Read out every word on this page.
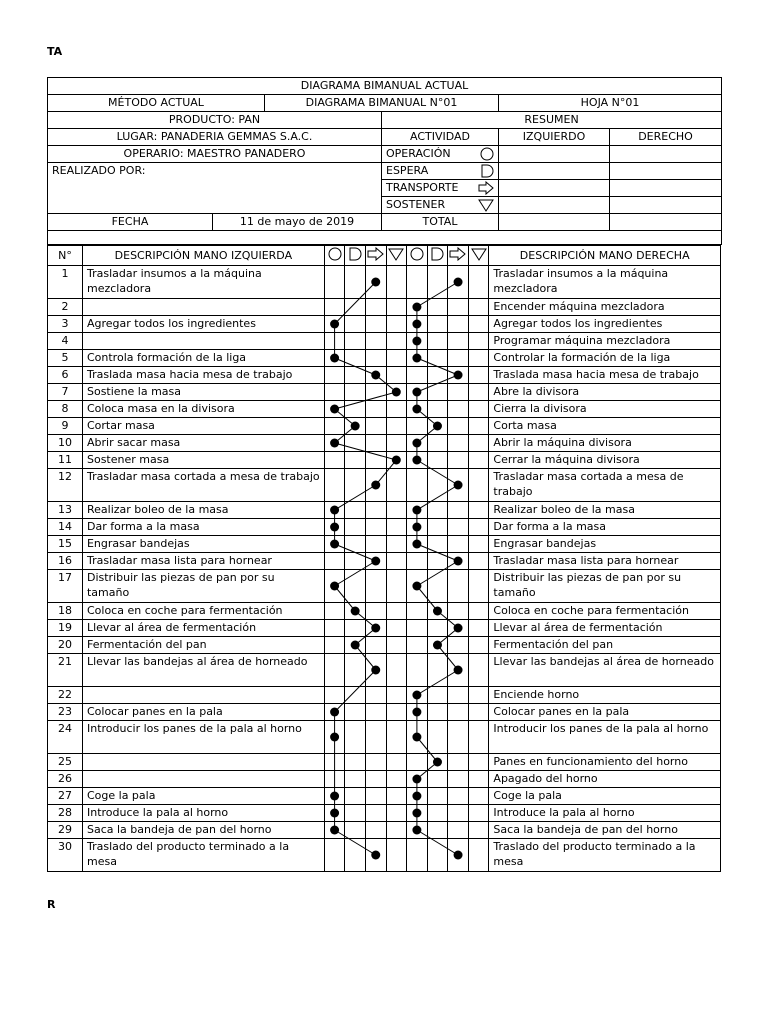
TA
R
DIAGRAMA BIMANUAL ACTUAL					
MÉTODO ACTUAL		DIAGRAMA BIMANUAL N°01		HOJA N°01	
PRODUCTO: PAN			RESUMEN		
LUGAR: PANADERIA GEMMAS S.A.C.			ACTIVIDAD	IZQUIERDO	DERECHO
OPERARIO: MAESTRO PANADERO			OPERACIÓN

REALIZADO POR:			ESPERA

			TRANSPORTE

			SOSTENER

FECHA	11 de mayo de 2019		TOTAL		

N°	DESCRIPCIÓN MANO IZQUIERDA									DESCRIPCIÓN MANO DERECHA
1	Trasladar insumos a la máquina mezcladora									Trasladar insumos a la máquina mezcladora
2										Encender máquina mezcladora
3	Agregar todos los ingredientes									Agregar todos los ingredientes
4										Programar máquina mezcladora
5	Controla formación de la liga									Controlar la formación de la liga
6	Traslada masa hacia mesa de trabajo									Traslada masa hacia mesa de trabajo
7	Sostiene la masa									Abre la divisora
8	Coloca masa en la divisora									Cierra la divisora
9	Cortar masa									Corta masa
10	Abrir sacar masa									Abrir la máquina divisora
11	Sostener masa									Cerrar la máquina divisora
12	Trasladar masa cortada a mesa de trabajo									Trasladar masa cortada a mesa de trabajo
13	Realizar boleo de la masa									Realizar boleo de la masa
14	Dar forma a la masa									Dar forma a la masa
15	Engrasar bandejas									Engrasar bandejas
16	Trasladar masa lista para hornear									Trasladar masa lista para hornear
17	Distribuir las piezas de pan por su tamaño									Distribuir las piezas de pan por su tamaño
18	Coloca en coche para fermentación									Coloca en coche para fermentación
19	Llevar al área de fermentación									Llevar al área de fermentación
20	Fermentación del pan									Fermentación del pan
21	Llevar las bandejas al área de horneado									Llevar las bandejas al área de horneado
22										Enciende horno
23	Colocar panes en la pala									Colocar panes en la pala
24	Introducir los panes de la pala al horno									Introducir los panes de la pala al horno
25										Panes en funcionamiento del horno
26										Apagado del horno
27	Coge la pala									Coge la pala
28	Introduce la pala al horno									Introduce la pala al horno
29	Saca la bandeja de pan del horno									Saca la bandeja de pan del horno
30	Traslado del producto terminado a la mesa									Traslado del producto terminado a la mesa
